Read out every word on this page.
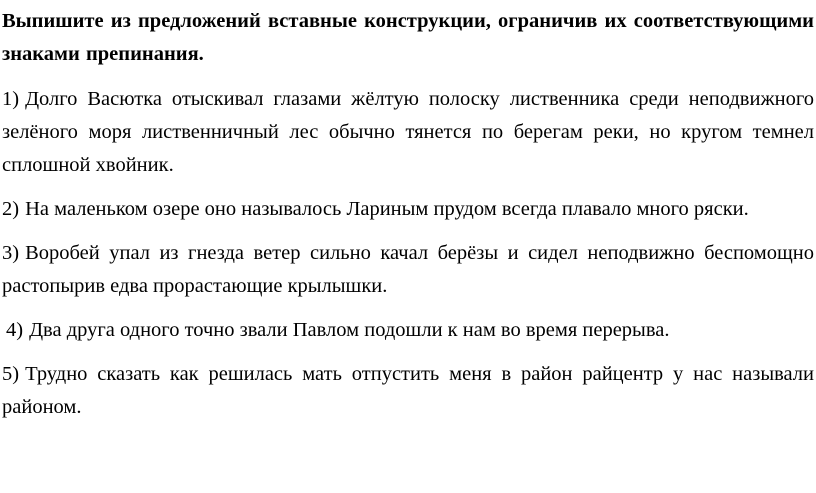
Выпишите из предложений вставные конструкции, ограничив их соответствующими знаками препинания.

1) Долго Васютка отыскивал глазами жёлтую полоску лиственника среди неподвижного зелёного моря лиственничный лес обычно тянется по берегам реки, но кругом темнел сплошной хвойник.

2) На маленьком озере оно называлось Лариным прудом всегда плавало много ряски.

3) Воробей упал из гнезда ветер сильно качал берёзы и сидел неподвижно беспомощно растопырив едва прорастающие крылышки.

4) Два друга одного точно звали Павлом подошли к нам во время перерыва.

5) Трудно сказать как решилась мать отпустить меня в район райцентр у нас называли районом.
